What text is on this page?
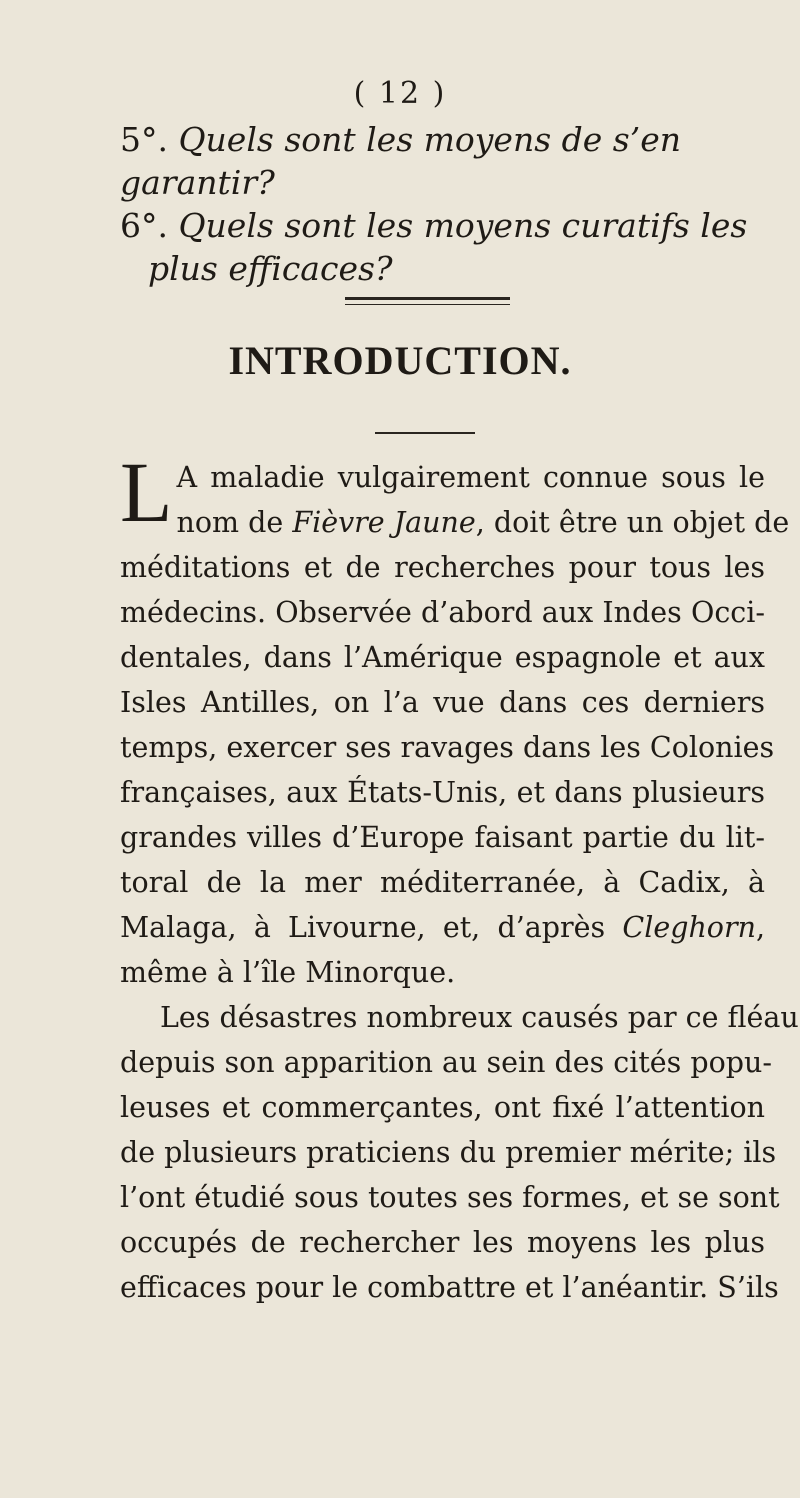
( 12 )

5°. Quels sont les moyens de s’en garantir?

6°. Quels sont les moyens curatifs les plus efficaces?

INTRODUCTION.
L A maladie vulgairement connue sous le
nom de Fièvre Jaune, doit être un objet de
méditations et de recherches pour tous les
médecins. Observée d’abord aux Indes Occi-
dentales, dans l’Amérique espagnole et aux
Isles Antilles, on l’a vue dans ces derniers
temps, exercer ses ravages dans les Colonies
françaises, aux États-Unis, et dans plusieurs
grandes villes d’Europe faisant partie du lit-
toral de la mer méditerranée, à Cadix, à
Malaga, à Livourne, et, d’après Cleghorn,
même à l’île Minorque.
Les désastres nombreux causés par ce fléau
depuis son apparition au sein des cités popu-
leuses et commerçantes, ont fixé l’attention
de plusieurs praticiens du premier mérite; ils
l’ont étudié sous toutes ses formes, et se sont
occupés de rechercher les moyens les plus
efficaces pour le combattre et l’anéantir. S’ils
